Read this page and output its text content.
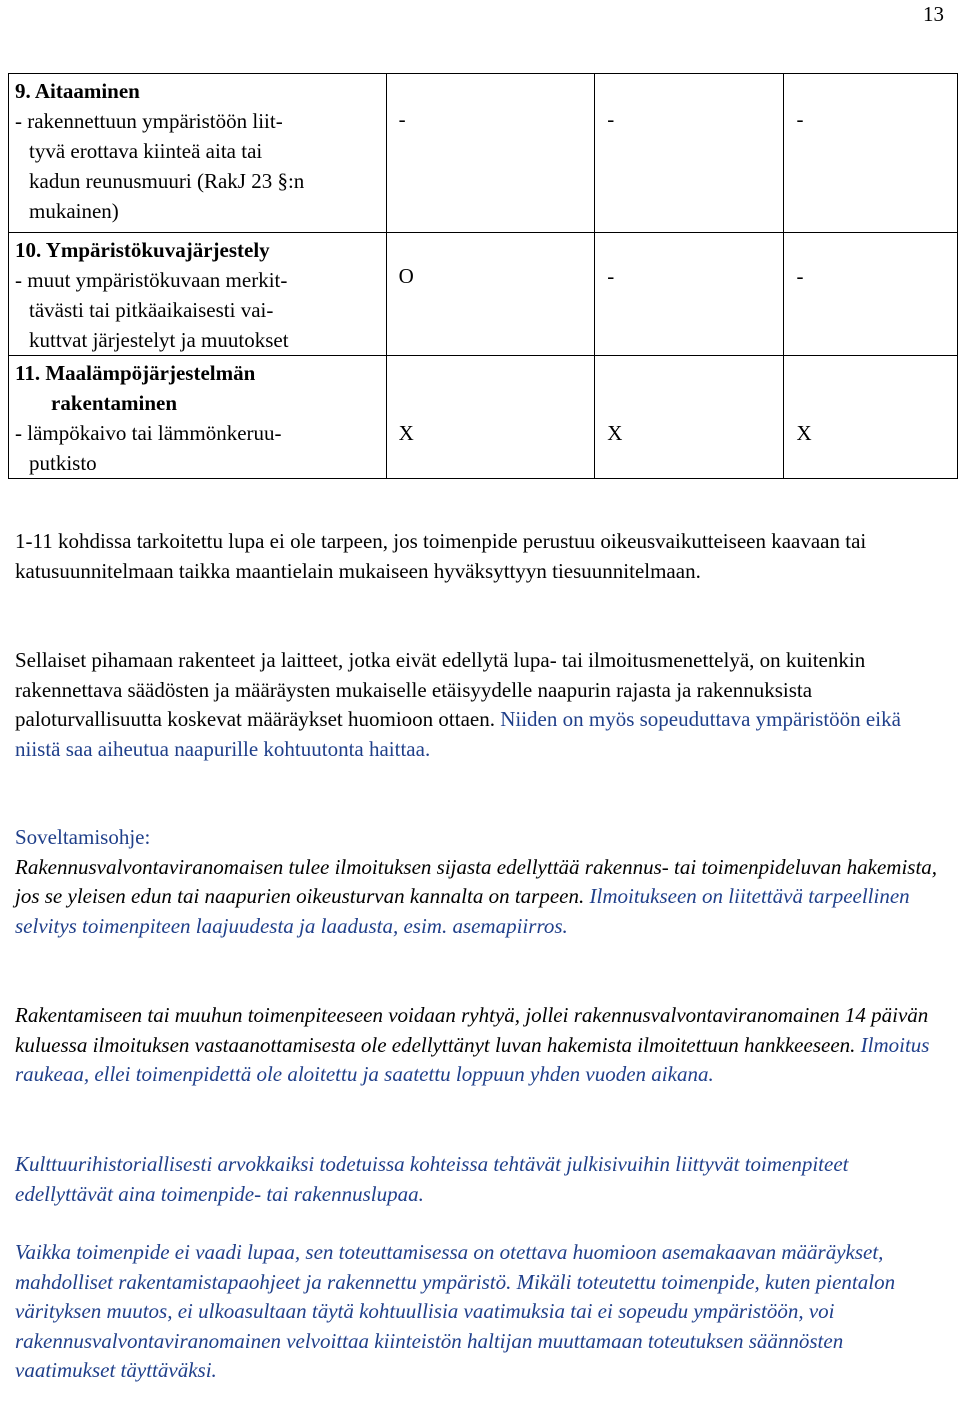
13
9. Aitaaminen
- rakennettuun ympäristöön liit-
tyvä erottava kiinteä aita tai
kadun reunusmuuri (RakJ 23 §:n
mukainen)	-	-	-

10. Ympäristökuvajärjestely
- muut ympäristökuvaan merkit-
tävästi tai pitkäaikaisesti vai-
kuttvat järjestelyt ja muutokset	O	-	-

11. Maalämpöjärjestelmän
rakentaminen
- lämpökaivo tai lämmönkeruu-
putkisto	X	X	X

1-11 kohdissa tarkoitettu lupa ei ole tarpeen, jos toimenpide perustuu oikeusvaikutteiseen kaavaan tai katusuunnitelmaan taikka maantielain mukaiseen hyväksyttyyn tiesuunnitelmaan.

Sellaiset pihamaan rakenteet ja laitteet, jotka eivät edellytä lupa- tai ilmoitusmenettelyä, on kuitenkin rakennettava säädösten ja määräysten mukaiselle etäisyydelle naapurin rajasta ja rakennuksista paloturvallisuutta koskevat määräykset huomioon ottaen. Niiden on myös sopeuduttava ympäristöön eikä niistä saa aiheutua naapurille kohtuutonta haittaa.

Soveltamisohje:

Rakennusvalvontaviranomaisen tulee ilmoituksen sijasta edellyttää rakennus- tai toimenpideluvan hakemista, jos se yleisen edun tai naapurien oikeusturvan kannalta on tarpeen. Ilmoitukseen on liitettävä tarpeellinen selvitys toimenpiteen laajuudesta ja laadusta, esim. asemapiirros.

Rakentamiseen tai muuhun toimenpiteeseen voidaan ryhtyä, jollei rakennusvalvontaviranomainen 14 päivän kuluessa ilmoituksen vastaanottamisesta ole edellyttänyt luvan hakemista ilmoitettuun hankkeeseen. Ilmoitus raukeaa, ellei toimenpidettä ole aloitettu ja saatettu loppuun yhden vuoden aikana.

Kulttuurihistoriallisesti arvokkaiksi todetuissa kohteissa tehtävät julkisivuihin liittyvät toimenpiteet edellyttävät aina toimenpide- tai rakennuslupaa.

Vaikka toimenpide ei vaadi lupaa, sen toteuttamisessa on otettava huomioon asemakaavan määräykset, mahdolliset rakentamistapaohjeet ja rakennettu ympäristö. Mikäli toteutettu toimenpide, kuten pientalon värityksen muutos, ei ulkoasultaan täytä kohtuullisia vaatimuksia tai ei sopeudu ympäristöön, voi rakennusvalvontaviranomainen velvoittaa kiinteistön haltijan muuttamaan toteutuksen säännösten vaatimukset täyttäväksi.
